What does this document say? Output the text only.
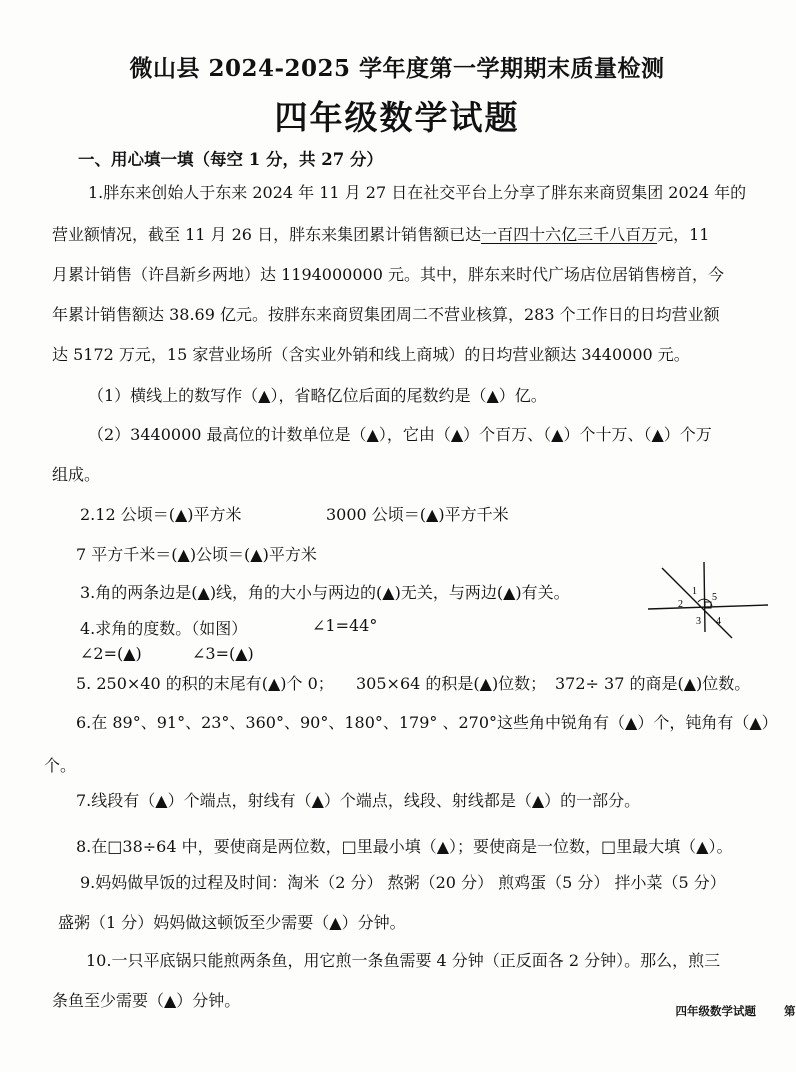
微山县 2024-2025 学年度第一学期期末质量检测
四年级数学试题
一、用心填一填（每空 1 分，共 27 分）
1.胖东来创始人于东来 2024 年 11 月 27 日在社交平台上分享了胖东来商贸集团 2024 年的
营业额情况，截至 11 月 26 日，胖东来集团累计销售额已达一百四十六亿三千八百万元，11
月累计销售（许昌新乡两地）达 1194000000 元。其中，胖东来时代广场店位居销售榜首，今
年累计销售额达 38.69 亿元。按胖东来商贸集团周二不营业核算，283 个工作日的日均营业额
达 5172 万元，15 家营业场所（含实业外销和线上商城）的日均营业额达 3440000 元。
（1）横线上的数写作（▲），省略亿位后面的尾数约是（▲）亿。
（2）3440000 最高位的计数单位是（▲），它由（▲）个百万、（▲）个十万、（▲）个万
组成。
2.12 公顷＝(▲)平方米	3000 公顷＝(▲)平方千米
7 平方千米＝(▲)公顷＝(▲)平方米
3.角的两条边是(▲)线，角的大小与两边的(▲)无关，与两边(▲)有关。
4.求角的度数。（如图）	∠1=44°
∠2=(▲)	∠3=(▲)
1
2
3 4
5
5. 250×40 的积的末尾有(▲)个 0； 305×64 的积是(▲)位数； 372÷ 37 的商是(▲)位数。
6.在 89°、91°、23°、360°、90°、180°、179° 、270°这些角中锐角有（▲）个，钝角有（▲）
个。
7.线段有（▲）个端点，射线有（▲）个端点，线段、射线都是（▲）的一部分。
8.在□38÷64 中，要使商是两位数，□里最小填（▲）；要使商是一位数，□里最大填（▲）。
9.妈妈做早饭的过程及时间：淘米（2 分） 熬粥（20 分） 煎鸡蛋（5 分） 拌小菜（5 分）
盛粥（1 分）妈妈做这顿饭至少需要（▲）分钟。
10.一只平底锅只能煎两条鱼，用它煎一条鱼需要 4 分钟（正反面各 2 分钟）。那么，煎三
条鱼至少需要（▲）分钟。
四年级数学试题 第
